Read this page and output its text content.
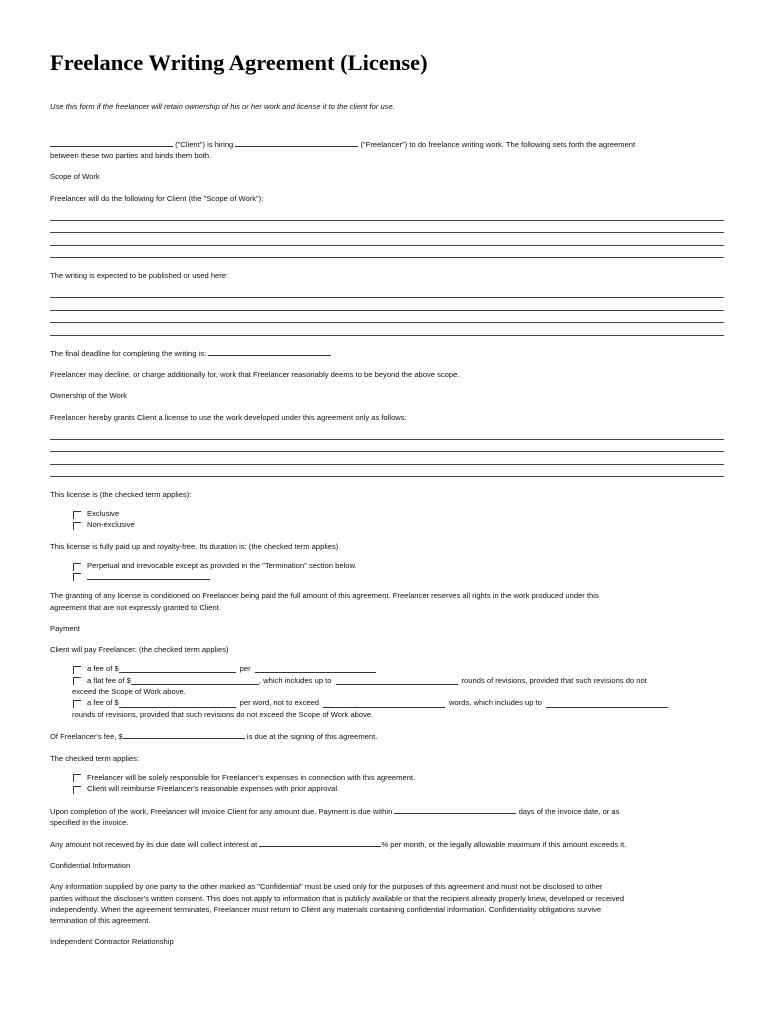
Freelance Writing Agreement (License)

Use this form if the freelancer will retain ownership of his or her work and license it to the client for use.

("Client") is hiring	("Freelancer") to do freelance writing work. The following sets forth the agreement

between these two parties and binds them both.

Scope of Work

Freelancer will do the following for Client (the "Scope of Work"):

The writing is expected to be published or used here:

The final deadline for completing the writing is:

Freelancer may decline, or charge additionally for, work that Freelancer reasonably deems to be beyond the above scope.

Ownership of the Work

Freelancer hereby grants Client a license to use the work developed under this agreement only as follows:

This license is (the checked term applies):

Exclusive
Non-exclusive

This license is fully paid up and royalty-free. Its duration is: (the checked term applies)

Perpetual and irrevocable except as provided in the "Termination" section below.

The granting of any license is conditioned on Freelancer being paid the full amount of this agreement. Freelancer reserves all rights in the work produced under this

agreement that are not expressly granted to Client.

Payment

Client will pay Freelancer: (the checked term applies)

a fee of $	per
a flat fee of $	, which includes up to	rounds of revisions, provided that such revisions do not
exceed the Scope of Work above.
a fee of $	per word, not to exceed	words, which includes up to
rounds of revisions, provided that such revisions do not exceed the Scope of Work above.

Of Freelancer's fee, $	is due at the signing of this agreement.

The checked term applies:

Freelancer will be solely responsible for Freelancer's expenses in connection with this agreement.
Client will reimburse Freelancer's reasonable expenses with prior approval.

Upon completion of the work, Freelancer will invoice Client for any amount due. Payment is due within	days of the invoice date, or as

specified in the invoice.

Any amount not received by its due date will collect interest at	% per month, or the legally allowable maximum if this amount exceeds it.

Confidential Information

Any information supplied by one party to the other marked as "Confidential" must be used only for the purposes of this agreement and must not be disclosed to other

parties without the discloser's written consent. This does not apply to information that is publicly available or that the recipient already properly knew, developed or received

independently. When the agreement terminates, Freelancer must return to Client any materials containing confidential information. Confidentiality obligations survive

termination of this agreement.

Independent Contractor Relationship
